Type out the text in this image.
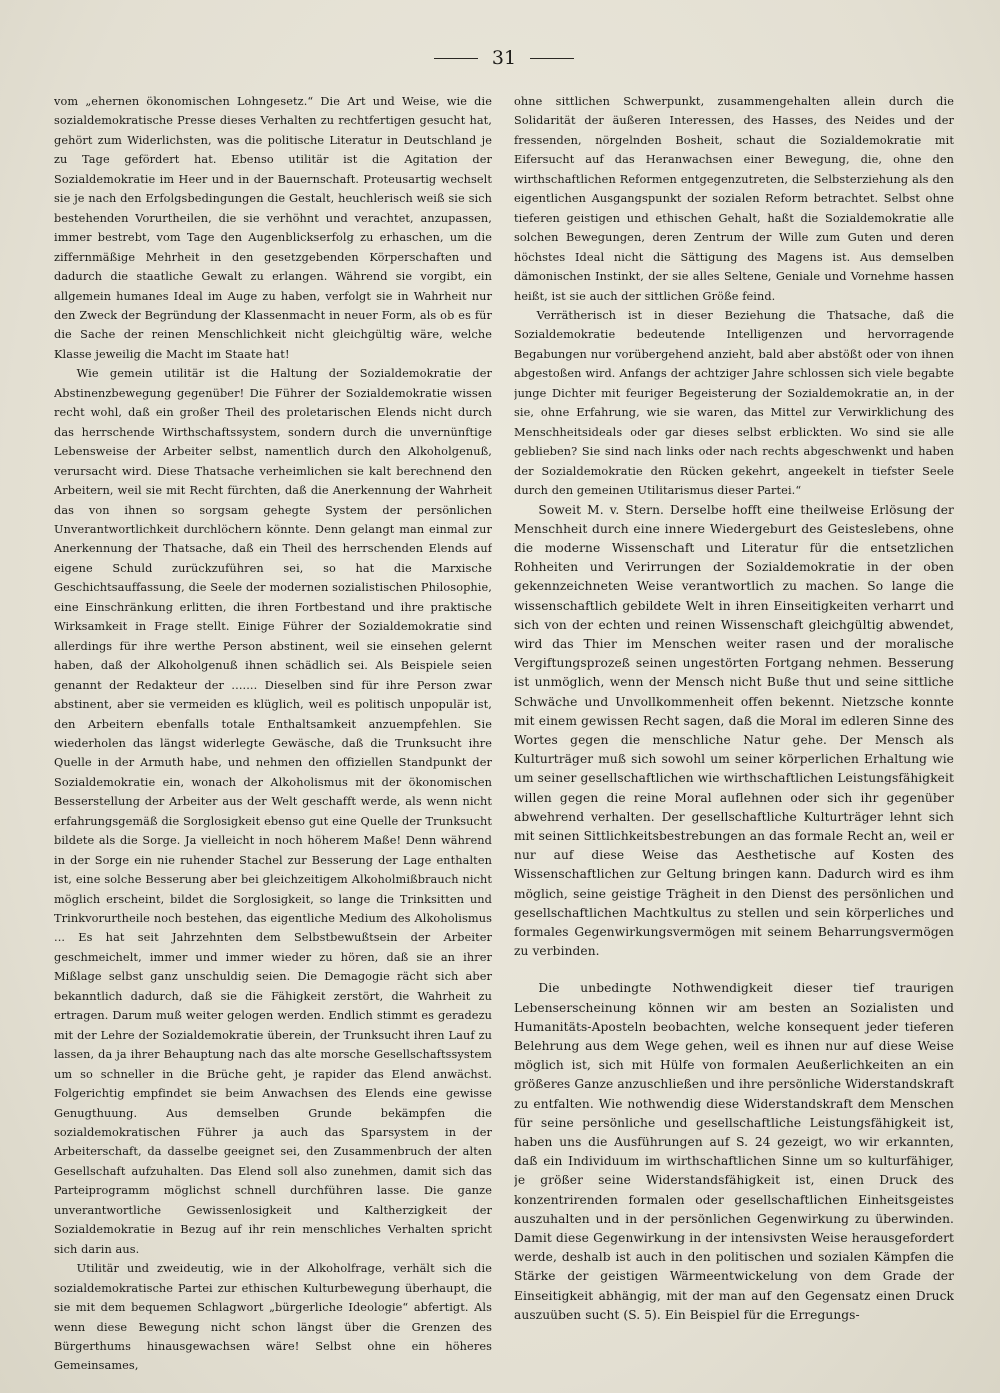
31

vom „ehernen ökonomischen Lohngesetz.“ Die Art und Weise, wie die sozialdemokratische Presse dieses Verhalten zu rechtfertigen gesucht hat, gehört zum Widerlichsten, was die politische Literatur in Deutschland je zu Tage gefördert hat. Ebenso utilitär ist die Agitation der Sozialdemokratie im Heer und in der Bauernschaft. Proteusartig wechselt sie je nach den Erfolgsbedingungen die Gestalt, heuchlerisch weiß sie sich bestehenden Vorurtheilen, die sie verhöhnt und verachtet, anzupassen, immer bestrebt, vom Tage den Augenblickserfolg zu erhaschen, um die ziffernmäßige Mehrheit in den gesetzgebenden Körperschaften und dadurch die staatliche Gewalt zu erlangen. Während sie vorgibt, ein allgemein humanes Ideal im Auge zu haben, verfolgt sie in Wahrheit nur den Zweck der Begründung der Klassenmacht in neuer Form, als ob es für die Sache der reinen Menschlichkeit nicht gleichgültig wäre, welche Klasse jeweilig die Macht im Staate hat!

Wie gemein utilitär ist die Haltung der Sozialdemokratie der Abstinenzbewegung gegenüber! Die Führer der Sozialdemokratie wissen recht wohl, daß ein großer Theil des proletarischen Elends nicht durch das herrschende Wirthschaftssystem, sondern durch die unvernünftige Lebensweise der Arbeiter selbst, namentlich durch den Alkoholgenuß, verursacht wird. Diese Thatsache verheimlichen sie kalt berechnend den Arbeitern, weil sie mit Recht fürchten, daß die Anerkennung der Wahrheit das von ihnen so sorgsam gehegte System der persönlichen Unverantwortlichkeit durchlöchern könnte. Denn gelangt man einmal zur Anerkennung der Thatsache, daß ein Theil des herrschenden Elends auf eigene Schuld zurückzuführen sei, so hat die Marxische Geschichtsauffassung, die Seele der modernen sozialistischen Philosophie, eine Einschränkung erlitten, die ihren Fortbestand und ihre praktische Wirksamkeit in Frage stellt. Einige Führer der Sozialdemokratie sind allerdings für ihre werthe Person abstinent, weil sie einsehen gelernt haben, daß der Alkoholgenuß ihnen schädlich sei. Als Beispiele seien genannt der Redakteur der ....... Dieselben sind für ihre Person zwar abstinent, aber sie vermeiden es klüglich, weil es politisch unpopulär ist, den Arbeitern ebenfalls totale Enthaltsamkeit anzuempfehlen. Sie wiederholen das längst widerlegte Gewäsche, daß die Trunksucht ihre Quelle in der Armuth habe, und nehmen den offiziellen Standpunkt der Sozialdemokratie ein, wonach der Alkoholismus mit der ökonomischen Besserstellung der Arbeiter aus der Welt geschafft werde, als wenn nicht erfahrungsgemäß die Sorglosigkeit ebenso gut eine Quelle der Trunksucht bildete als die Sorge. Ja vielleicht in noch höherem Maße! Denn während in der Sorge ein nie ruhender Stachel zur Besserung der Lage enthalten ist, eine solche Besserung aber bei gleichzeitigem Alkoholmißbrauch nicht möglich erscheint, bildet die Sorglosigkeit, so lange die Trinksitten und Trinkvorurtheile noch bestehen, das eigentliche Medium des Alkoholismus ... Es hat seit Jahrzehnten dem Selbstbewußtsein der Arbeiter geschmeichelt, immer und immer wieder zu hören, daß sie an ihrer Mißlage selbst ganz unschuldig seien. Die Demagogie rächt sich aber bekanntlich dadurch, daß sie die Fähigkeit zerstört, die Wahrheit zu ertragen. Darum muß weiter gelogen werden. Endlich stimmt es geradezu mit der Lehre der Sozialdemokratie überein, der Trunksucht ihren Lauf zu lassen, da ja ihrer Behauptung nach das alte morsche Gesellschaftssystem um so schneller in die Brüche geht, je rapider das Elend anwächst. Folgerichtig empfindet sie beim Anwachsen des Elends eine gewisse Genugthuung. Aus demselben Grunde bekämpfen die sozialdemokratischen Führer ja auch das Sparsystem in der Arbeiterschaft, da dasselbe geeignet sei, den Zusammenbruch der alten Gesellschaft aufzuhalten. Das Elend soll also zunehmen, damit sich das Parteiprogramm möglichst schnell durchführen lasse. Die ganze unverantwortliche Gewissenlosigkeit und Kaltherzigkeit der Sozialdemokratie in Bezug auf ihr rein menschliches Verhalten spricht sich darin aus.

Utilitär und zweideutig, wie in der Alkoholfrage, verhält sich die sozialdemokratische Partei zur ethischen Kulturbewegung überhaupt, die sie mit dem bequemen Schlagwort „bürgerliche Ideologie“ abfertigt. Als wenn diese Bewegung nicht schon längst über die Grenzen des Bürgerthums hinausgewachsen wäre! Selbst ohne ein höheres Gemeinsames,

ohne sittlichen Schwerpunkt, zusammengehalten allein durch die Solidarität der äußeren Interessen, des Hasses, des Neides und der fressenden, nörgelnden Bosheit, schaut die Sozialdemokratie mit Eifersucht auf das Heranwachsen einer Bewegung, die, ohne den wirthschaftlichen Reformen entgegenzutreten, die Selbsterziehung als den eigentlichen Ausgangspunkt der sozialen Reform betrachtet. Selbst ohne tieferen geistigen und ethischen Gehalt, haßt die Sozialdemokratie alle solchen Bewegungen, deren Zentrum der Wille zum Guten und deren höchstes Ideal nicht die Sättigung des Magens ist. Aus demselben dämonischen Instinkt, der sie alles Seltene, Geniale und Vornehme hassen heißt, ist sie auch der sittlichen Größe feind.

Verrätherisch ist in dieser Beziehung die Thatsache, daß die Sozialdemokratie bedeutende Intelligenzen und hervorragende Begabungen nur vorübergehend anzieht, bald aber abstößt oder von ihnen abgestoßen wird. Anfangs der achtziger Jahre schlossen sich viele begabte junge Dichter mit feuriger Begeisterung der Sozialdemokratie an, in der sie, ohne Erfahrung, wie sie waren, das Mittel zur Verwirklichung des Menschheitsideals oder gar dieses selbst erblickten. Wo sind sie alle geblieben? Sie sind nach links oder nach rechts abgeschwenkt und haben der Sozialdemokratie den Rücken gekehrt, angeekelt in tiefster Seele durch den gemeinen Utilitarismus dieser Partei.“

Soweit M. v. Stern. Derselbe hofft eine theilweise Erlösung der Menschheit durch eine innere Wiedergeburt des Geisteslebens, ohne die moderne Wissenschaft und Literatur für die entsetzlichen Rohheiten und Verirrungen der Sozialdemokratie in der oben gekennzeichneten Weise verantwortlich zu machen. So lange die wissenschaftlich gebildete Welt in ihren Einseitigkeiten verharrt und sich von der echten und reinen Wissenschaft gleichgültig abwendet, wird das Thier im Menschen weiter rasen und der moralische Vergiftungsprozeß seinen ungestörten Fortgang nehmen. Besserung ist unmöglich, wenn der Mensch nicht Buße thut und seine sittliche Schwäche und Unvollkommenheit offen bekennt. Nietzsche konnte mit einem gewissen Recht sagen, daß die Moral im edleren Sinne des Wortes gegen die menschliche Natur gehe. Der Mensch als Kulturträger muß sich sowohl um seiner körperlichen Erhaltung wie um seiner gesellschaftlichen wie wirthschaftlichen Leistungsfähigkeit willen gegen die reine Moral auflehnen oder sich ihr gegenüber abwehrend verhalten. Der gesellschaftliche Kulturträger lehnt sich mit seinen Sittlichkeitsbestrebungen an das formale Recht an, weil er nur auf diese Weise das Aesthetische auf Kosten des Wissenschaftlichen zur Geltung bringen kann. Dadurch wird es ihm möglich, seine geistige Trägheit in den Dienst des persönlichen und gesellschaftlichen Machtkultus zu stellen und sein körperliches und formales Gegenwirkungsvermögen mit seinem Beharrungsvermögen zu verbinden.

Die unbedingte Nothwendigkeit dieser tief traurigen Lebenserscheinung können wir am besten an Sozialisten und Humanitäts-Aposteln beobachten, welche konsequent jeder tieferen Belehrung aus dem Wege gehen, weil es ihnen nur auf diese Weise möglich ist, sich mit Hülfe von formalen Aeußerlichkeiten an ein größeres Ganze anzuschließen und ihre persönliche Widerstandskraft zu entfalten. Wie nothwendig diese Widerstandskraft dem Menschen für seine persönliche und gesellschaftliche Leistungsfähigkeit ist, haben uns die Ausführungen auf S. 24 gezeigt, wo wir erkannten, daß ein Individuum im wirthschaftlichen Sinne um so kulturfähiger, je größer seine Widerstandsfähigkeit ist, einen Druck des konzentrirenden formalen oder gesellschaftlichen Einheitsgeistes auszuhalten und in der persönlichen Gegenwirkung zu überwinden. Damit diese Gegenwirkung in der intensivsten Weise herausgefordert werde, deshalb ist auch in den politischen und sozialen Kämpfen die Stärke der geistigen Wärmeentwickelung von dem Grade der Einseitigkeit abhängig, mit der man auf den Gegensatz einen Druck auszuüben sucht (S. 5). Ein Beispiel für die Erregungs-
